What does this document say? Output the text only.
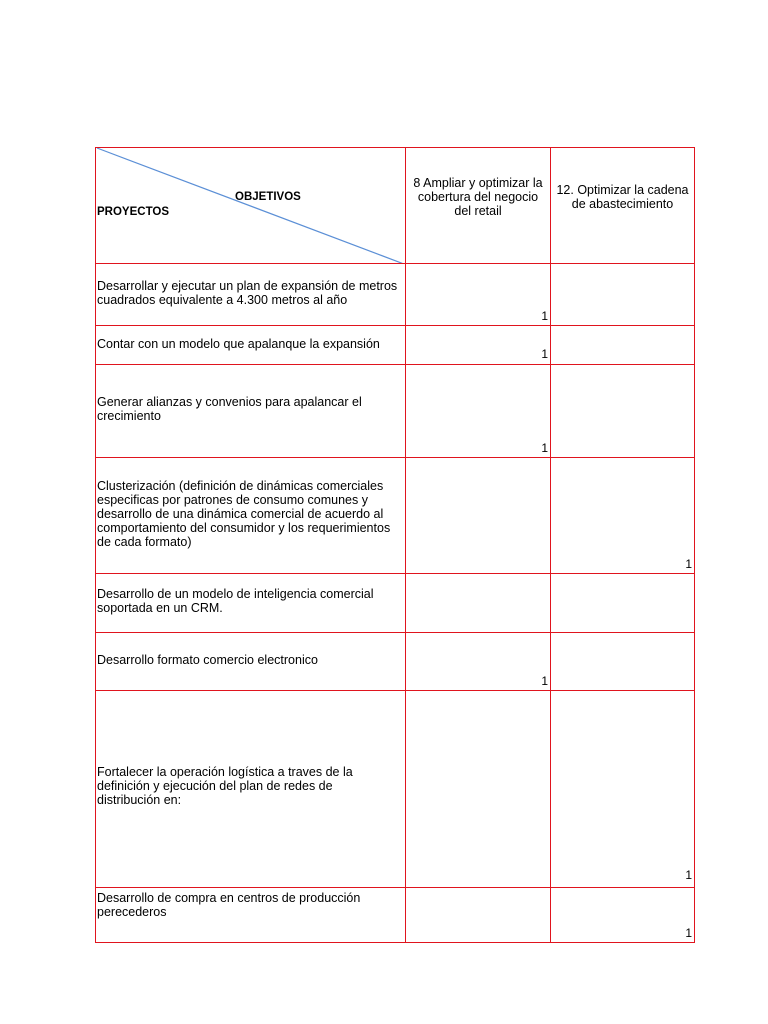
OBJETIVOS
PROYECTOS
8 Ampliar y optimizar la
cobertura del negocio
del retail
12. Optimizar la cadena
de abastecimiento
Desarrollar y ejecutar un plan de expansión de metros
cuadrados equivalente a 4.300 metros al año
1
Contar con un modelo que apalanque la expansión
1
Generar alianzas y convenios para apalancar el
crecimiento
1
Clusterización (definición de dinámicas comerciales
especificas por patrones de consumo comunes y
desarrollo de una dinámica comercial de acuerdo al
comportamiento del consumidor y los requerimientos
de cada formato)
1
Desarrollo de un modelo de inteligencia comercial
soportada en un CRM.
Desarrollo formato comercio electronico
1
Fortalecer la operación logística a traves de la
definición y ejecución del plan de redes de
distribución en:
1
Desarrollo de compra en centros de producción
perecederos
1
